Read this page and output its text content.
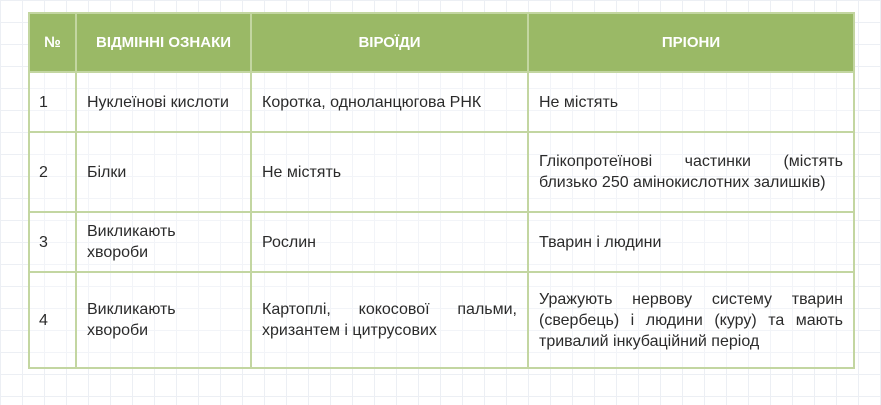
№	ВІДМІННІ ОЗНАКИ	ВІРОЇДИ	ПРІОНИ
1	Нуклеїнові кислоти	Коротка, одноланцюгова РНК	Не містять
2	Білки	Не містять	Глікопротеїнові частинки (містять близько 250 амінокислотних залишків)
3	Викликають хвороби	Рослин	Тварин і людини
4	Викликають хвороби	Картоплі, кокосової пальми, хризантем і цитрусових	Уражують нервову систему тварин (свербець) і людини (куру) та мають тривалий інкубаційний період
